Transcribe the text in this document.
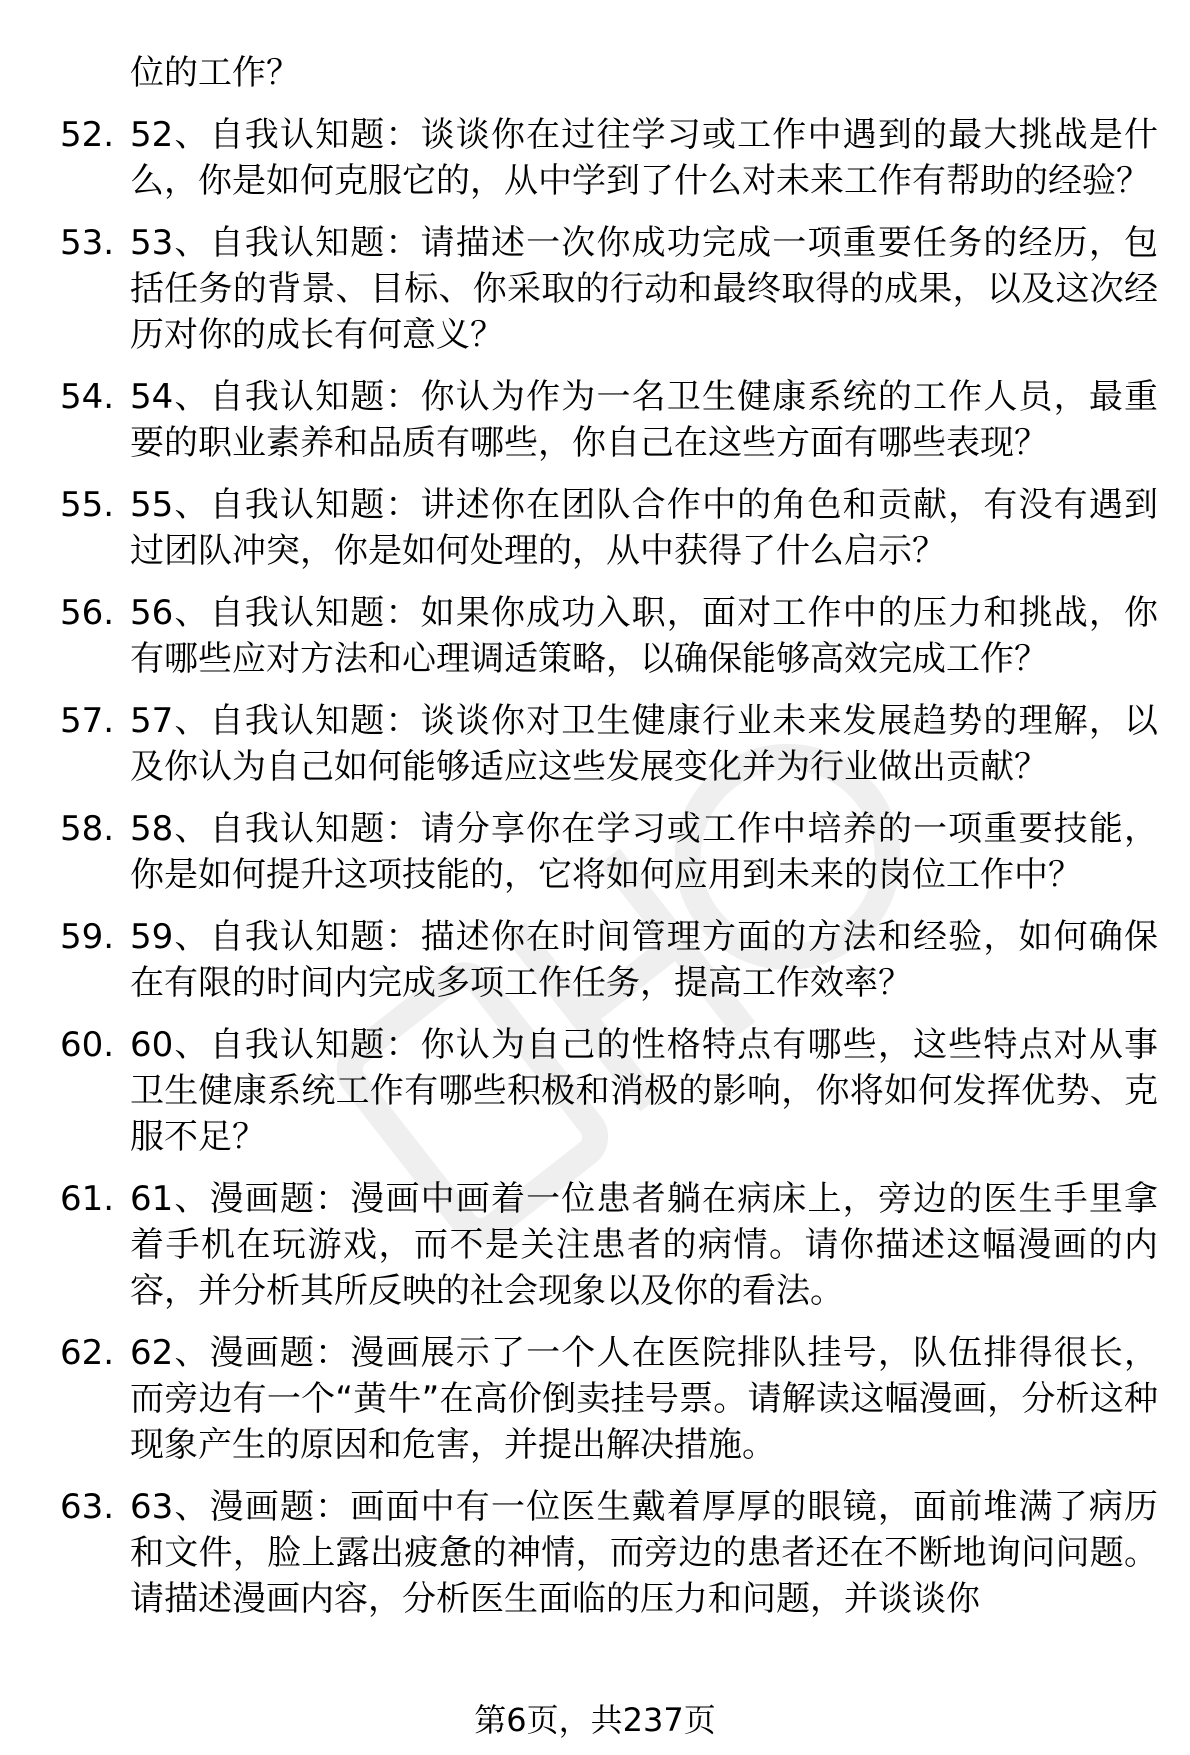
位的工作？

52. 52、自我认知题：谈谈你在过往学习或工作中遇到的最大挑战是什么，你是如何克服它的，从中学到了什么对未来工作有帮助的经验？
53. 53、自我认知题：请描述一次你成功完成一项重要任务的经历，包括任务的背景、目标、你采取的行动和最终取得的成果，以及这次经历对你的成长有何意义？
54. 54、自我认知题：你认为作为一名卫生健康系统的工作人员，最重要的职业素养和品质有哪些，你自己在这些方面有哪些表现？
55. 55、自我认知题：讲述你在团队合作中的角色和贡献，有没有遇到过团队冲突，你是如何处理的，从中获得了什么启示？
56. 56、自我认知题：如果你成功入职，面对工作中的压力和挑战，你有哪些应对方法和心理调适策略，以确保能够高效完成工作？
57. 57、自我认知题：谈谈你对卫生健康行业未来发展趋势的理解，以及你认为自己如何能够适应这些发展变化并为行业做出贡献？
58. 58、自我认知题：请分享你在学习或工作中培养的一项重要技能，你是如何提升这项技能的，它将如何应用到未来的岗位工作中？
59. 59、自我认知题：描述你在时间管理方面的方法和经验，如何确保在有限的时间内完成多项工作任务，提高工作效率？
60. 60、自我认知题：你认为自己的性格特点有哪些，这些特点对从事卫生健康系统工作有哪些积极和消极的影响，你将如何发挥优势、克服不足？
61. 61、漫画题：漫画中画着一位患者躺在病床上，旁边的医生手里拿着手机在玩游戏，而不是关注患者的病情。请你描述这幅漫画的内容，并分析其所反映的社会现象以及你的看法。
62. 62、漫画题：漫画展示了一个人在医院排队挂号，队伍排得很长，而旁边有一个“黄牛”在高价倒卖挂号票。请解读这幅漫画，分析这种现象产生的原因和危害，并提出解决措施。
63. 63、漫画题：画面中有一位医生戴着厚厚的眼镜，面前堆满了病历和文件，脸上露出疲惫的神情，而旁边的患者还在不断地询问问题。请描述漫画内容，分析医生面临的压力和问题，并谈谈你
第6页，共237页
